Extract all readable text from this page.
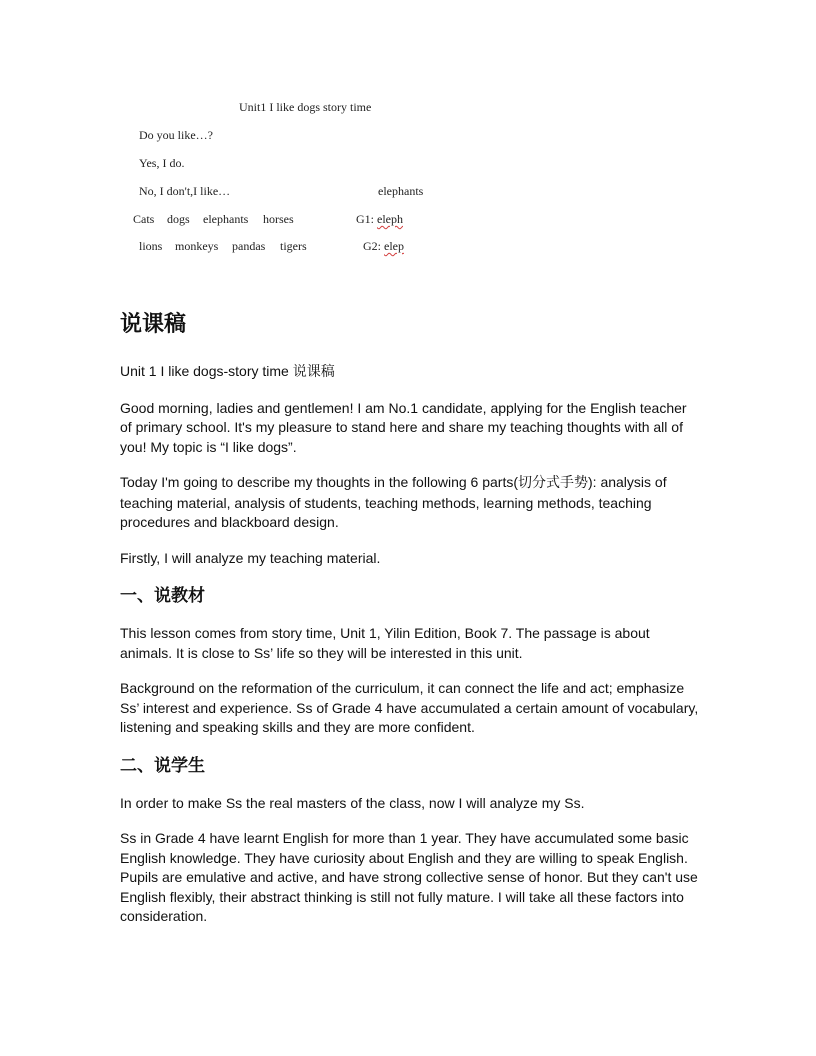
Unit1 I like dogs story time
Do you like…?
Yes, I do.
No, I don't,I like…	elephants
Cats dogs elephants horses	G1: eleph
lions monkeys pandas tigers	G2: elep
说课稿

Unit 1 I like dogs-story time 说课稿

Good morning, ladies and gentlemen! I am No.1 candidate, applying for the English teacher of primary school. It's my pleasure to stand here and share my teaching thoughts with all of you! My topic is “I like dogs”.

Today I'm going to describe my thoughts in the following 6 parts(切分式手势): analysis of teaching material, analysis of students, teaching methods, learning methods, teaching procedures and blackboard design.

Firstly, I will analyze my teaching material.

一、说教材

This lesson comes from story time, Unit 1, Yilin Edition, Book 7. The passage is about animals. It is close to Ss’ life so they will be interested in this unit.

Background on the reformation of the curriculum, it can connect the life and act; emphasize Ss’ interest and experience. Ss of Grade 4 have accumulated a certain amount of vocabulary, listening and speaking skills and they are more confident.

二、说学生

In order to make Ss the real masters of the class, now I will analyze my Ss.

Ss in Grade 4 have learnt English for more than 1 year. They have accumulated some basic English knowledge. They have curiosity about English and they are willing to speak English. Pupils are emulative and active, and have strong collective sense of honor. But they can't use English flexibly, their abstract thinking is still not fully mature. I will take all these factors into consideration.
